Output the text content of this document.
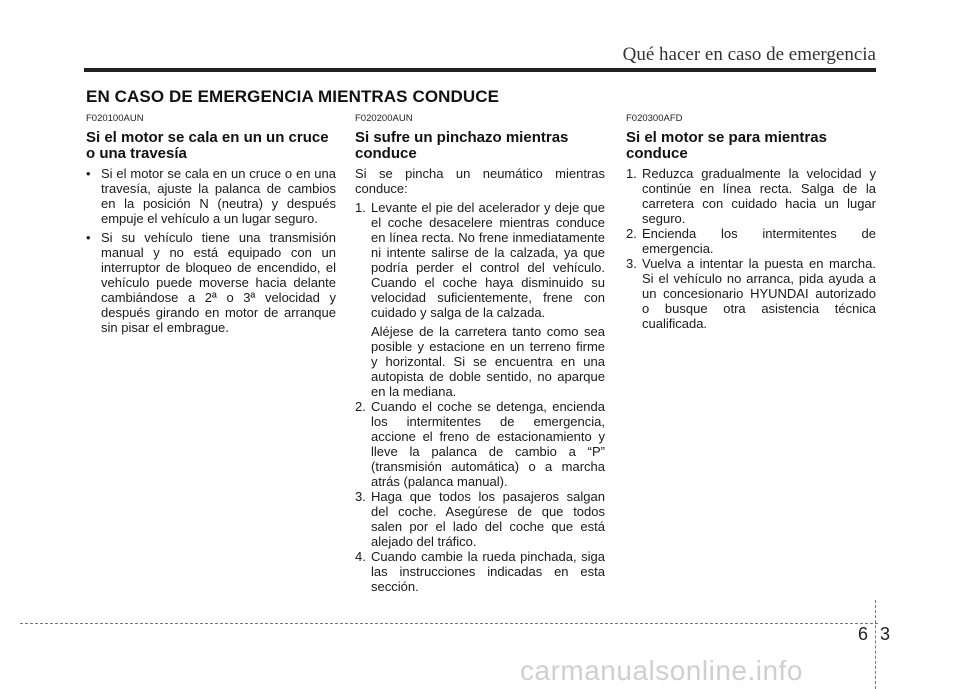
Qué hacer en caso de emergencia
EN CASO DE EMERGENCIA MIENTRAS CONDUCE
F020100AUN
Si el motor se cala en un un cruce o una travesía
• Si el motor se cala en un cruce o en una travesía, ajuste la palanca de cambios en la posición N (neutra) y después empuje el vehículo a un lugar seguro.
• Si su vehículo tiene una transmisión manual y no está equipado con un interruptor de bloqueo de encendido, el vehículo puede moverse hacia delante cambiándose a 2ª o 3ª velocidad y después girando en motor de arranque sin pisar el embrague.
F020200AUN
Si sufre un pinchazo mientras conduce

Si se pincha un neumático mientras conduce:

1. Levante el pie del acelerador y deje que el coche desacelere mientras conduce en línea recta. No frene inmediatamente ni intente salirse de la calzada, ya que podría perder el control del vehículo. Cuando el coche haya disminuido su velocidad suficientemente, frene con cuidado y salga de la calzada.

Aléjese de la carretera tanto como sea posible y estacione en un terreno firme y horizontal. Si se encuentra en una autopista de doble sentido, no aparque en la mediana.

2. Cuando el coche se detenga, encienda los intermitentes de emergencia, accione el freno de estacionamiento y lleve la palanca de cambio a “P” (transmisión automática) o a marcha atrás (palanca manual).
3. Haga que todos los pasajeros salgan del coche. Asegúrese de que todos salen por el lado del coche que está alejado del tráfico.
4. Cuando cambie la rueda pinchada, siga las instrucciones indicadas en esta sección.
F020300AFD
Si el motor se para mientras conduce
1. Reduzca gradualmente la velocidad y continúe en línea recta. Salga de la carretera con cuidado hacia un lugar seguro.
2. Encienda los intermitentes de emergencia.
3. Vuelva a intentar la puesta en marcha. Si el vehículo no arranca, pida ayuda a un concesionario HYUNDAI autorizado o busque otra asistencia técnica cualificada.
6 3
carmanualsonline.info
